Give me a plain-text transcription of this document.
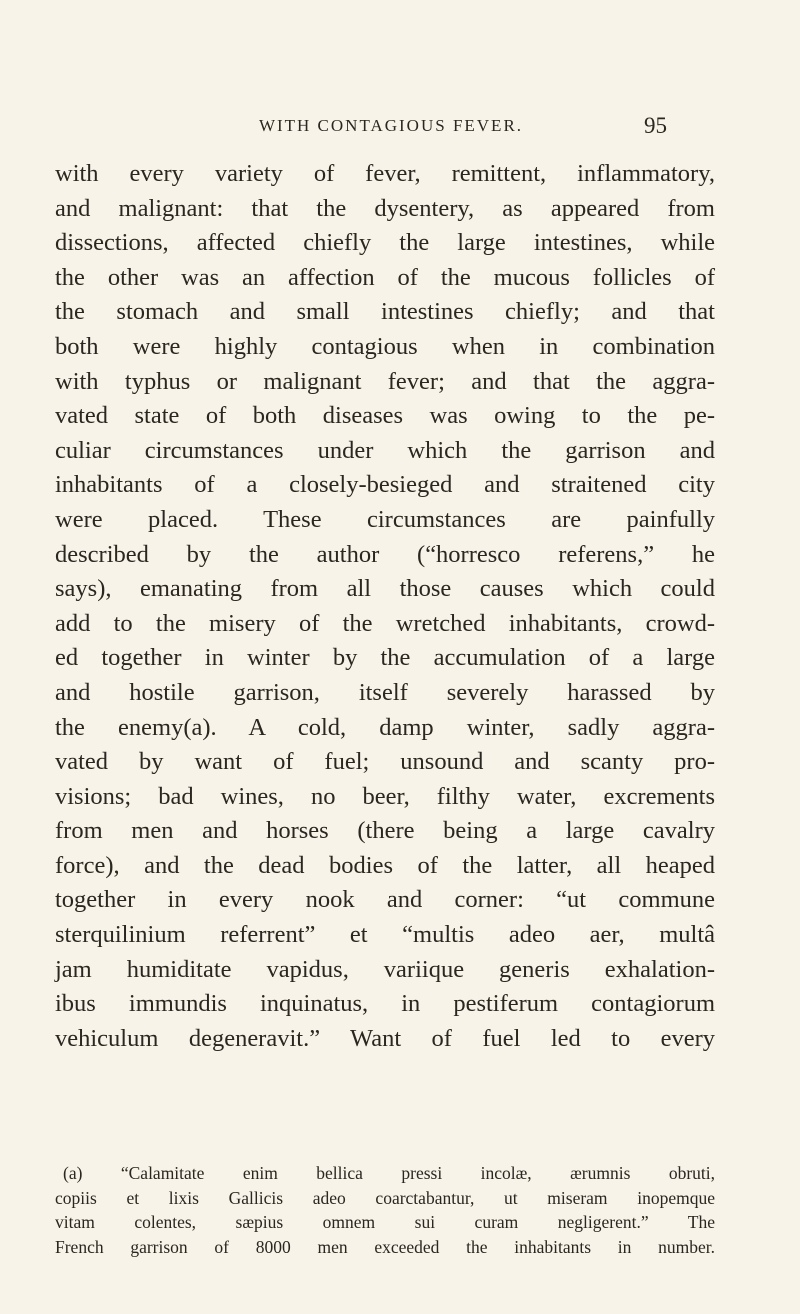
WITH CONTAGIOUS FEVER.	95
with every variety of fever, remittent, inflammatory,
and malignant: that the dysentery, as appeared from
dissections, affected chiefly the large intestines, while
the other was an affection of the mucous follicles of
the stomach and small intestines chiefly; and that
both were highly contagious when in combination
with typhus or malignant fever; and that the aggra-
vated state of both diseases was owing to the pe-
culiar circumstances under which the garrison and
inhabitants of a closely-besieged and straitened city
were placed. These circumstances are painfully
described by the author (“horresco referens,” he
says), emanating from all those causes which could
add to the misery of the wretched inhabitants, crowd-
ed together in winter by the accumulation of a large
and hostile garrison, itself severely harassed by
the enemy(a). A cold, damp winter, sadly aggra-
vated by want of fuel; unsound and scanty pro-
visions; bad wines, no beer, filthy water, excrements
from men and horses (there being a large cavalry
force), and the dead bodies of the latter, all heaped
together in every nook and corner: “ut commune
sterquilinium referrent” et “multis adeo aer, multâ
jam humiditate vapidus, variique generis exhalation-
ibus immundis inquinatus, in pestiferum contagiorum
vehiculum degeneravit.” Want of fuel led to every
(a) “Calamitate enim bellica pressi incolæ, ærumnis obruti,
copiis et lixis Gallicis adeo coarctabantur, ut miseram inopemque
vitam colentes, sæpius omnem sui curam negligerent.” The
French garrison of 8000 men exceeded the inhabitants in number.
